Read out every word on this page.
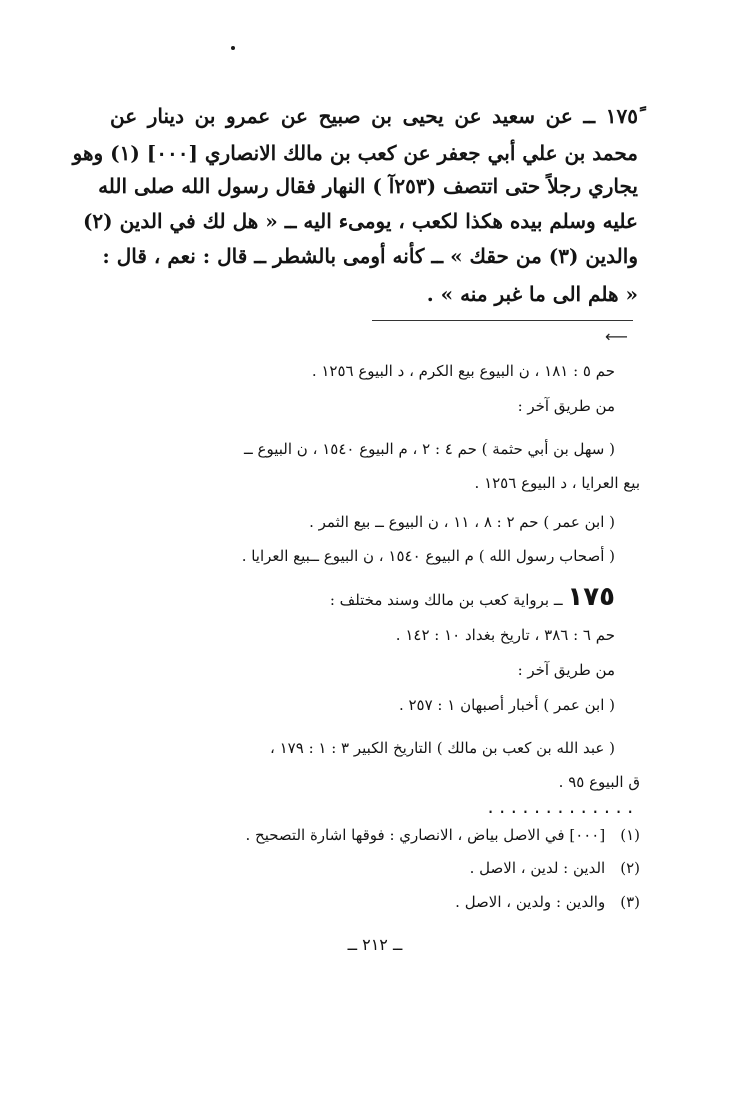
١٧٥ً ــ عن سعيد عن يحيى بن صبيح عن عمرو بن دينار عن
محمد بن علي أبي جعفر عن كعب بن مالك الانصاري [٠٠٠] (١) وهو
يجاري رجلاً حتى اتتصف (٢٥٣آ ) النهار فقال رسول الله صلى الله
عليه وسلم بيده هكذا لكعب ، يومىء اليه ــ « هل لك في الدين (٢)
والدين (٣) من حقك » ــ كأنه أومى بالشطر ــ قال : نعم ، قال :
« هلم الى ما غبر منه » .
⟵
حم ٥ : ١٨١ ، ن البيوع بيع الكرم ، د البيوع ١٢٥٦ .
من طريق آخر :
( سهل بن أبي حثمة ) حم ٤ : ٢ ، م البيوع ١٥٤٠ ، ن البيوع ــ
بيع العرايا ، د البيوع ١٢٥٦ .
( ابن عمر ) حم ٢ : ٨ ، ١١ ، ن البيوع ــ بيع الثمر .
( أصحاب رسول الله ) م البيوع ١٥٤٠ ، ن البيوع ــبيع العرايا .
١٧٥ ــ برواية كعب بن مالك وسند مختلف :
حم ٦ : ٣٨٦ ، تاريخ بغداد ١٠ : ١٤٢ .
من طريق آخر :
( ابن عمر ) أخبار أصبهان ١ : ٢٥٧ .
( عبد الله بن كعب بن مالك ) التاريخ الكبير ٣ : ١ : ١٧٩ ،
ق البيوع ٩٥ .
.............
(١) [٠٠٠] في الاصل بياض ، الانصاري : فوقها اشارة التصحيح .
(٢) الدين : لدين ، الاصل .
(٣) والدين : ولدين ، الاصل .
ــ ٢١٢ ــ
